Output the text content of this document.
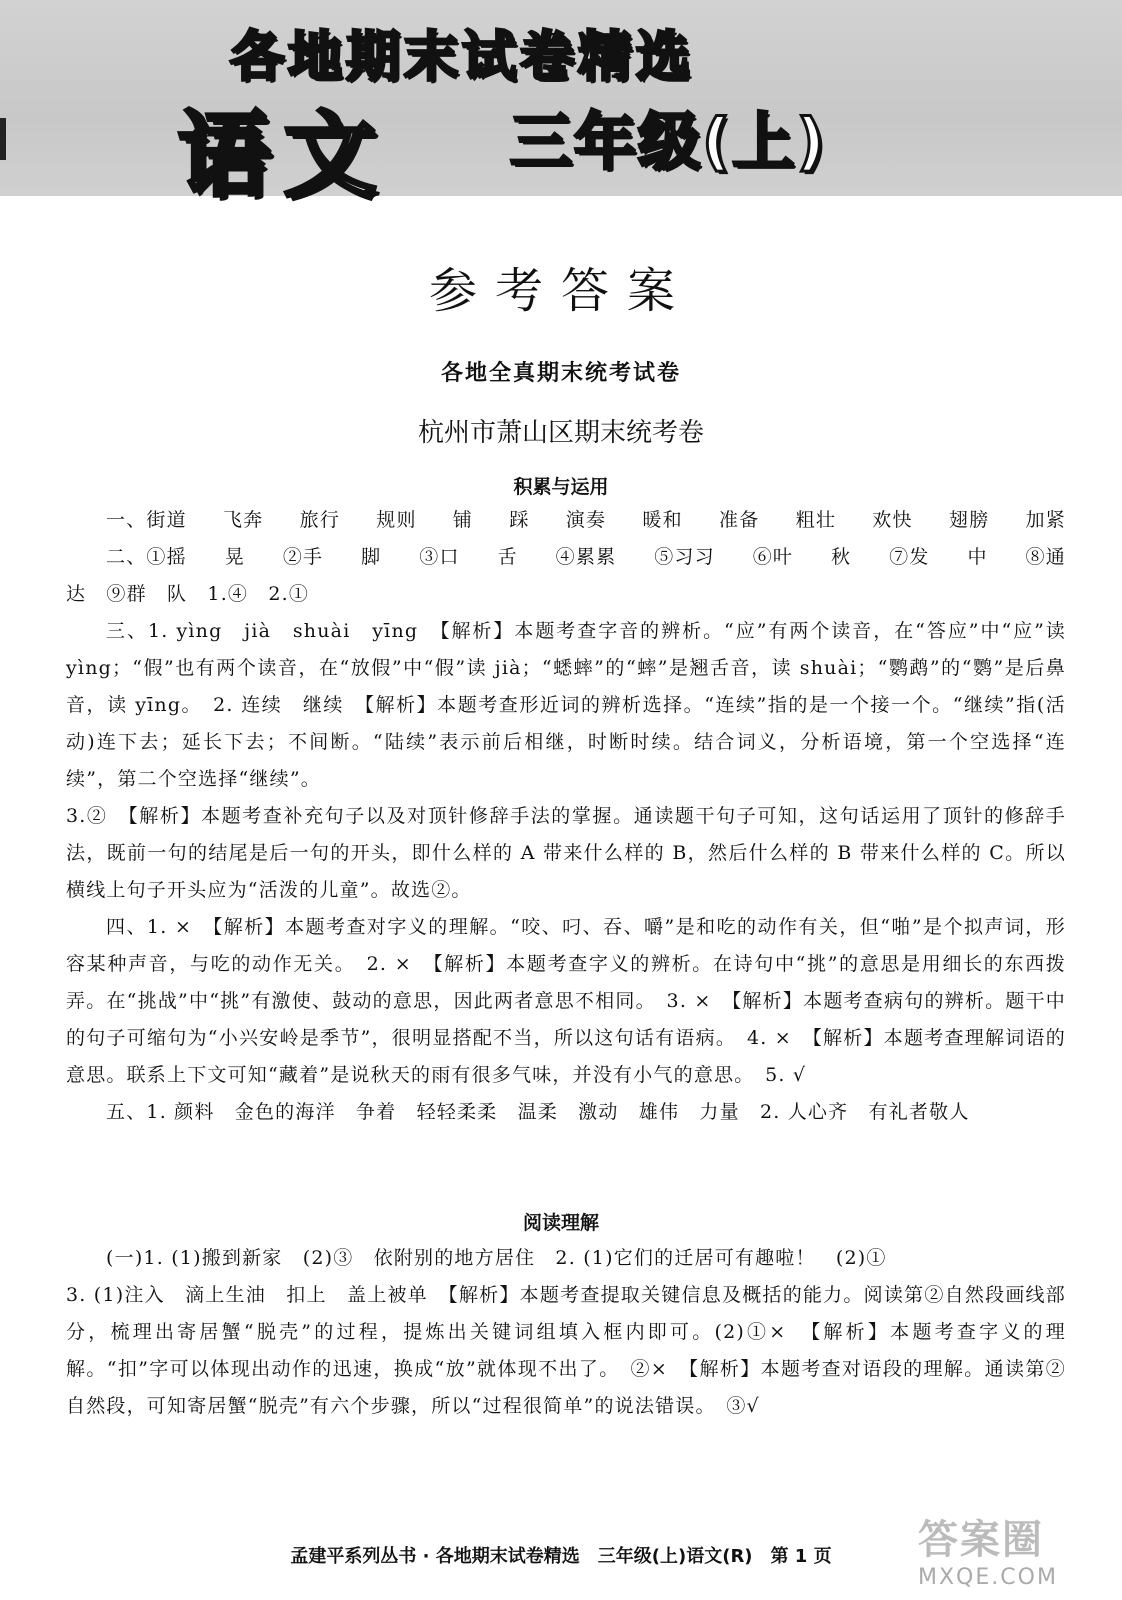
各地期末试卷精选
语文 三年级(上)
参考答案
各地全真期末统考试卷
杭州市萧山区期末统考卷
积累与运用
一、街道 飞奔 旅行 规则 铺 踩 演奏 暖和 准备 粗壮 欢快 翅膀 加紧
二、①摇 晃 ②手 脚 ③口 舌 ④累累 ⑤习习 ⑥叶 秋 ⑦发 中 ⑧通

达　⑨群　队　1.④　2.①

三、1. yìng　jià　shuài　yīng　【解析】本题考查字音的辨析。“应”有两个读音，在“答应”中“应”读 yìng；“假”也有两个读音，在“放假”中“假”读 jià；“蟋蟀”的“蟀”是翘舌音，读 shuài；“鹦鹉”的“鹦”是后鼻音，读 yīng。　2. 连续　继续　【解析】本题考查形近词的辨析选择。“连续”指的是一个接一个。“继续”指(活动)连下去；延长下去；不间断。“陆续”表示前后相继，时断时续。结合词义，分析语境，第一个空选择“连续”，第二个空选择“继续”。

3.②　【解析】本题考查补充句子以及对顶针修辞手法的掌握。通读题干句子可知，这句话运用了顶针的修辞手法，既前一句的结尾是后一句的开头，即什么样的 A 带来什么样的 B，然后什么样的 B 带来什么样的 C。所以横线上句子开头应为“活泼的儿童”。故选②。

四、1. ×　【解析】本题考查对字义的理解。“咬、叼、吞、嚼”是和吃的动作有关，但“啪”是个拟声词，形容某种声音，与吃的动作无关。　2. ×　【解析】本题考查字义的辨析。在诗句中“挑”的意思是用细长的东西拨弄。在“挑战”中“挑”有激使、鼓动的意思，因此两者意思不相同。　3. ×　【解析】本题考查病句的辨析。题干中的句子可缩句为“小兴安岭是季节”，很明显搭配不当，所以这句话有语病。　4. ×　【解析】本题考查理解词语的意思。联系上下文可知“藏着”是说秋天的雨有很多气味，并没有小气的意思。　5. √

五、1. 颜料　金色的海洋　争着　轻轻柔柔　温柔　激动　雄伟　力量　2. 人心齐　有礼者敬人

阅读理解

(一)1. (1)搬到新家　(2)③　依附别的地方居住　2. (1)它们的迁居可有趣啦！　(2)①

3. (1)注入　滴上生油　扣上　盖上被单　【解析】本题考查提取关键信息及概括的能力。阅读第②自然段画线部分，梳理出寄居蟹“脱壳”的过程，提炼出关键词组填入框内即可。(2)①×　【解析】本题考查字义的理解。“扣”字可以体现出动作的迅速，换成“放”就体现不出了。　②×　【解析】本题考查对语段的理解。通读第②自然段，可知寄居蟹“脱壳”有六个步骤，所以“过程很简单”的说法错误。　③√

孟建平系列丛书 · 各地期末试卷精选　三年级(上)语文(R)　第 1 页	答案圈
MXQE.COM
